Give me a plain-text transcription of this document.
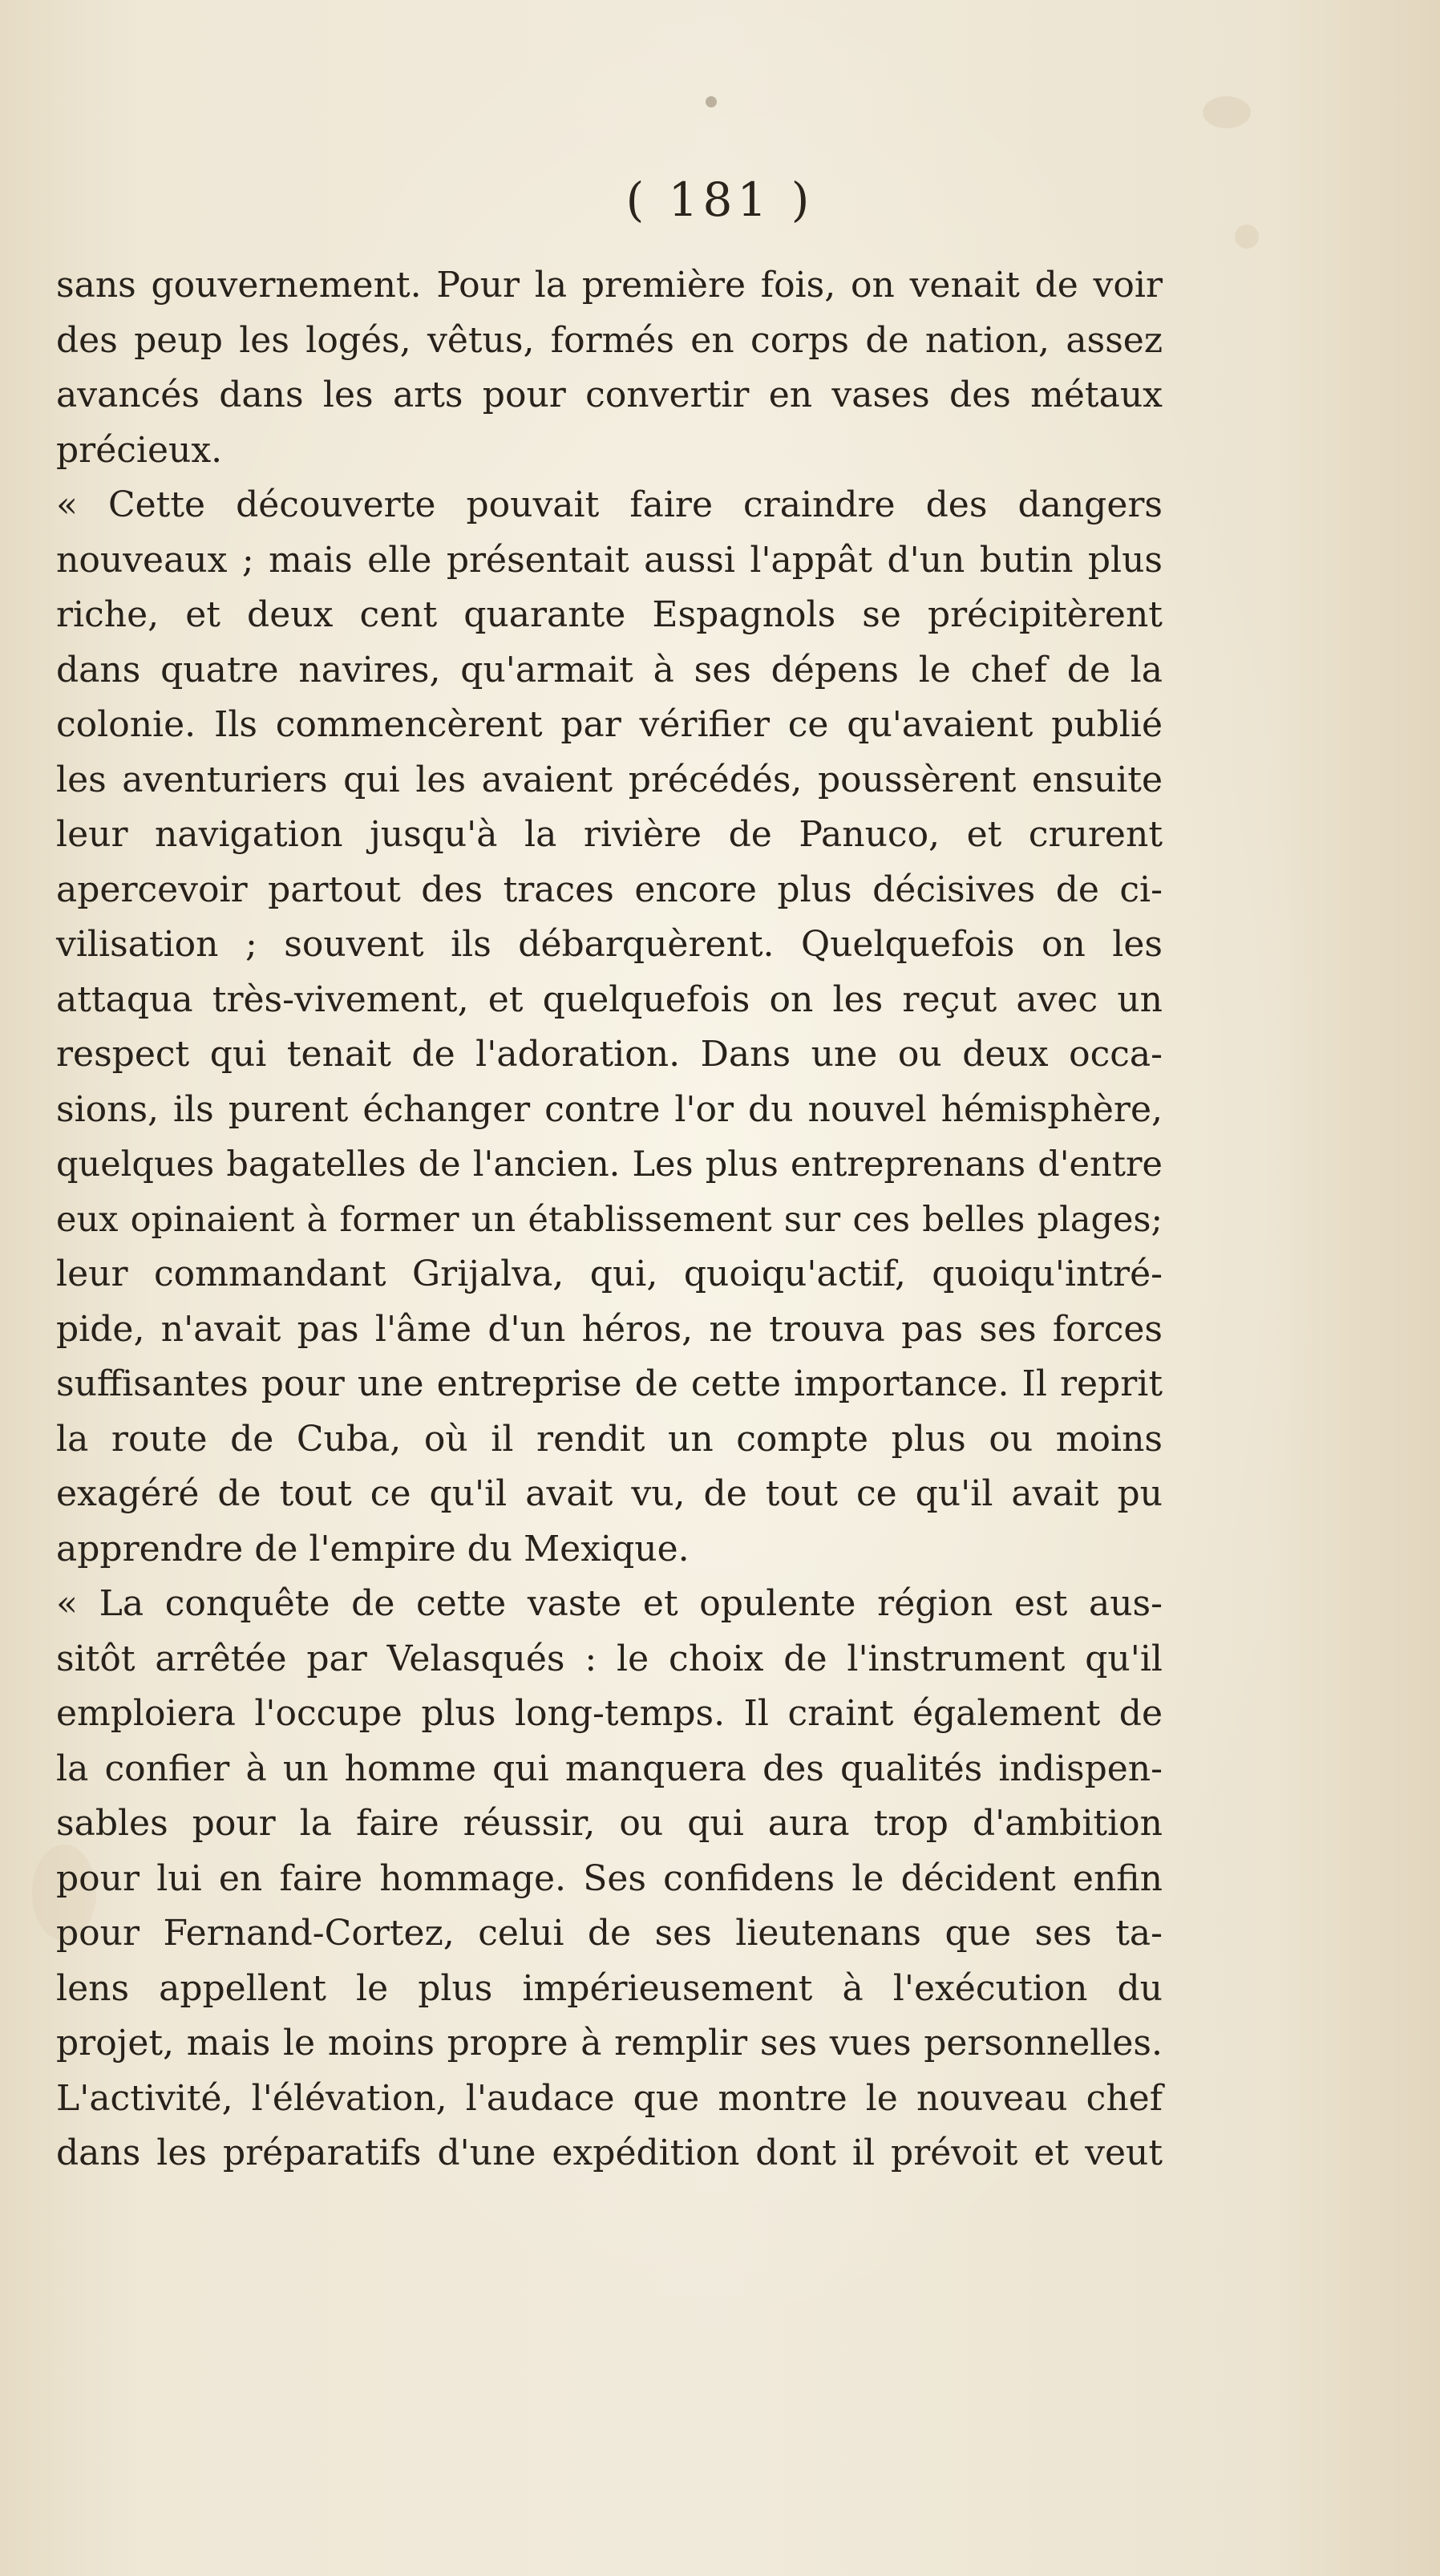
( 181 )
sans gouvernement. Pour la première fois, on venait de voir
des peup les logés, vêtus, formés en corps de nation, assez
avancés dans les arts pour convertir en vases des métaux
précieux.
« Cette découverte pouvait faire craindre des dangers
nouveaux ; mais elle présentait aussi l'appât d'un butin plus
riche, et deux cent quarante Espagnols se précipitèrent
dans quatre navires, qu'armait à ses dépens le chef de la
colonie. Ils commencèrent par vérifier ce qu'avaient publié
les aventuriers qui les avaient précédés, poussèrent ensuite
leur navigation jusqu'à la rivière de Panuco, et crurent
apercevoir partout des traces encore plus décisives de ci-
vilisation ; souvent ils débarquèrent. Quelquefois on les
attaqua très-vivement, et quelquefois on les reçut avec un
respect qui tenait de l'adoration. Dans une ou deux occa-
sions, ils purent échanger contre l'or du nouvel hémisphère,
quelques bagatelles de l'ancien. Les plus entreprenans d'entre
eux opinaient à former un établissement sur ces belles plages;
leur commandant Grijalva, qui, quoiqu'actif, quoiqu'intré-
pide, n'avait pas l'âme d'un héros, ne trouva pas ses forces
suffisantes pour une entreprise de cette importance. Il reprit
la route de Cuba, où il rendit un compte plus ou moins
exagéré de tout ce qu'il avait vu, de tout ce qu'il avait pu
apprendre de l'empire du Mexique.
« La conquête de cette vaste et opulente région est aus-
sitôt arrêtée par Velasqués : le choix de l'instrument qu'il
emploiera l'occupe plus long-temps. Il craint également de
la confier à un homme qui manquera des qualités indispen-
sables pour la faire réussir, ou qui aura trop d'ambition
pour lui en faire hommage. Ses confidens le décident enfin
pour Fernand-Cortez, celui de ses lieutenans que ses ta-
lens appellent le plus impérieusement à l'exécution du
projet, mais le moins propre à remplir ses vues personnelles.
L'activité, l'élévation, l'audace que montre le nouveau chef
dans les préparatifs d'une expédition dont il prévoit et veut
